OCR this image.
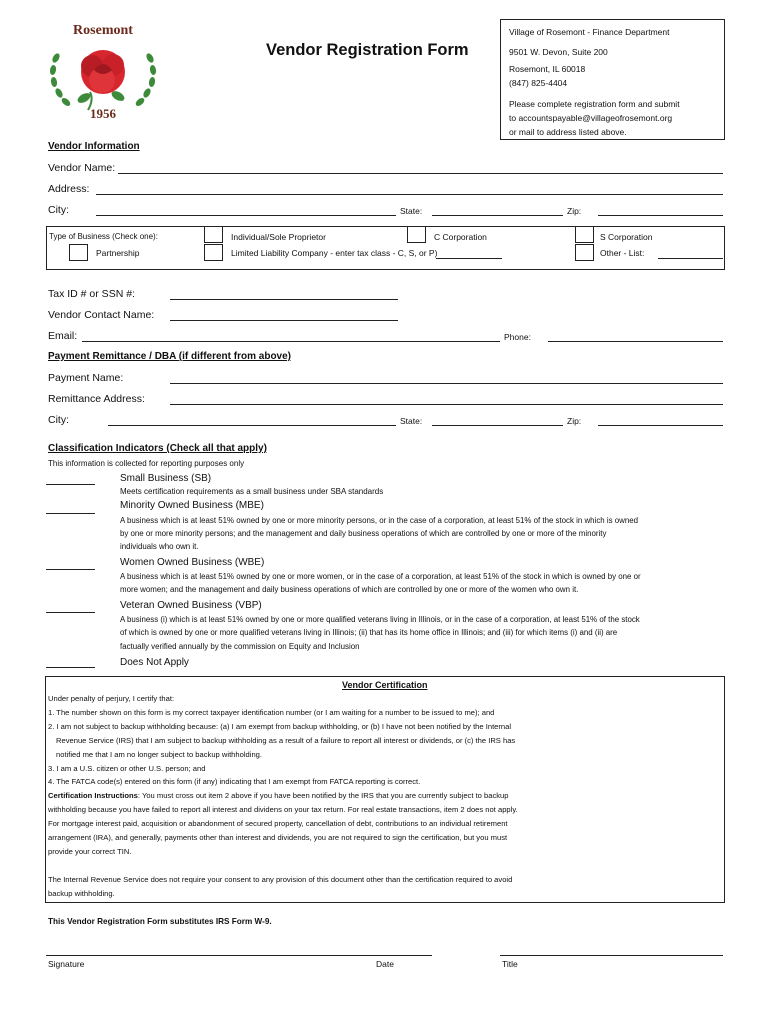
Rosemont
1956
Vendor Registration Form
Village of Rosemont - Finance Department
9501 W. Devon, Suite 200
Rosemont, IL 60018
(847) 825-4404
Please complete registration form and submit
to accountspayable@villageofrosemont.org
or mail to address listed above.
Vendor Information
Vendor Name:
Address:
City:	State:	Zip:
Type of Business (Check one):	Individual/Sole Proprietor	C Corporation	S Corporation
Partnership	Limited Liability Company - enter tax class - C, S, or P)	Other - List:
Tax ID # or SSN #:
Vendor Contact Name:
Email:	Phone:
Payment Remittance / DBA (if different from above)
Payment Name:
Remittance Address:
City:	State:	Zip:
Classification Indicators (Check all that apply)
This information is collected for reporting purposes only
Small Business (SB)
Meets certification requirements as a small business under SBA standards
Minority Owned Business (MBE)
A business which is at least 51% owned by one or more minority persons, or in the case of a corporation, at least 51% of the stock in which is owned
by one or more minority persons; and the management and daily business operations of which are controlled by one or more of the minority
individuals who own it.
Women Owned Business (WBE)
A business which is at least 51% owned by one or more women, or in the case of a corporation, at least 51% of the stock in which is owned by one or
more women; and the management and daily business operations of which are controlled by one or more of the women who own it.
Veteran Owned Business (VBP)
A business (i) which is at least 51% owned by one or more qualified veterans living in Illinois, or in the case of a corporation, at least 51% of the stock
of which is owned by one or more qualified veterans living in Illinois; (ii) that has its home office in Illinois; and (iii) for which items (i) and (ii) are
factually verified annually by the commission on Equity and Inclusion
Does Not Apply
Vendor Certification
Under penalty of perjury, I certify that:
1. The number shown on this form is my correct taxpayer identification number (or I am waiting for a number to be issued to me); and
2. I am not subject to backup withholding because: (a) I am exempt from backup withholding, or (b) I have not been notified by the Internal
Revenue Service (IRS) that I am subject to backup withholding as a result of a failure to report all interest or dividends, or (c) the IRS has
notified me that I am no longer subject to backup withholding.
3. I am a U.S. citizen or other U.S. person; and
4. The FATCA code(s) entered on this form (if any) indicating that I am exempt from FATCA reporting is correct.
Certification Instructions: You must cross out item 2 above if you have been notified by the IRS that you are currently subject to backup
withholding because you have failed to report all interest and dividens on your tax return. For real estate transactions, item 2 does not apply.
For mortgage interest paid, acquisition or abandonment of secured property, cancellation of debt, contributions to an individual retirement
arrangement (IRA), and generally, payments other than interest and dividends, you are not required to sign the certification, but you must
provide your correct TIN.
The Internal Revenue Service does not require your consent to any provision of this document other than the certification required to avoid
backup withholding.
This Vendor Registration Form substitutes IRS Form W-9.
Signature	Date	Title
